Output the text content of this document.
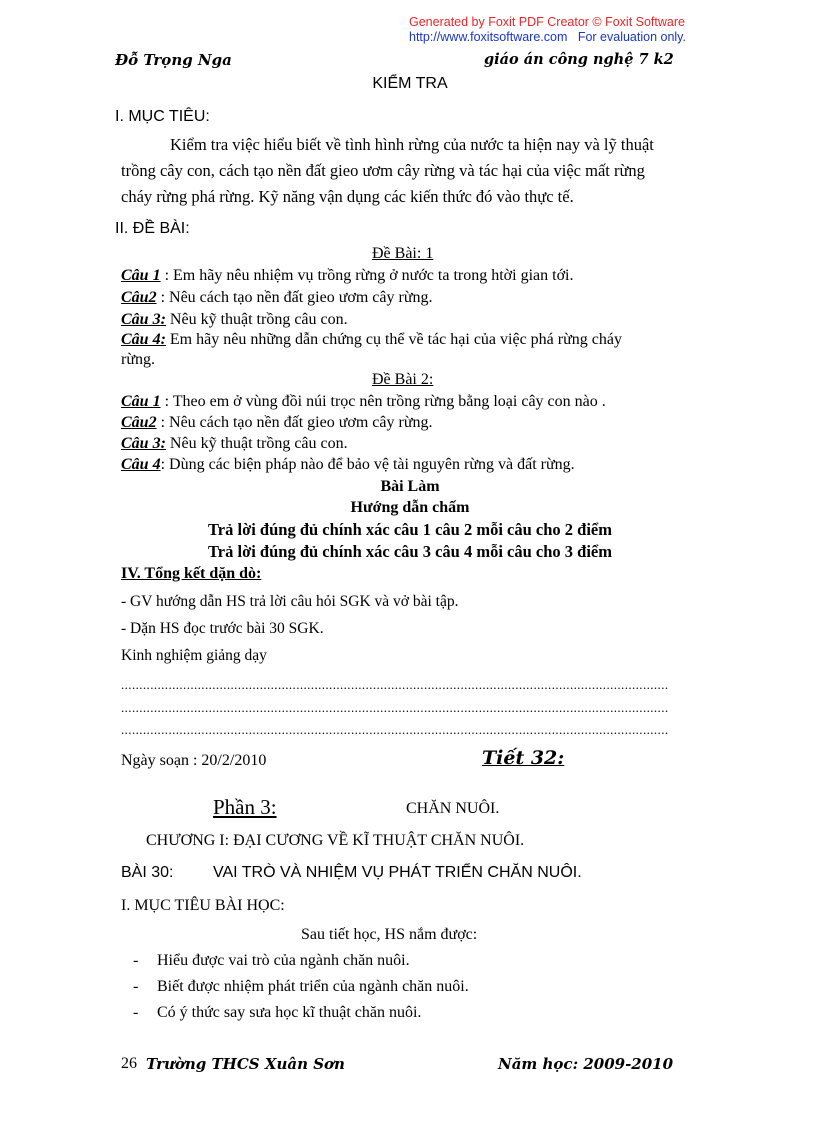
Generated by Foxit PDF Creator © Foxit Software
http://www.foxitsoftware.com For evaluation only.
Đỗ Trọng Nga	giáo án công nghệ 7 k2
KIỂM TRA
I. MỤC TIÊU:
Kiểm tra việc hiểu biết về tình hình rừng của nước ta hiện nay và lỹ thuật
trồng cây con, cách tạo nền đất gieo ươm cây rừng và tác hại của việc mất rừng
cháy rừng phá rừng. Kỹ năng vận dụng các kiến thức đó vào thực tế.
II. ĐỀ BÀI:
Đề Bài: 1
Câu 1 : Em hãy nêu nhiệm vụ trồng rừng ở nước ta trong htời gian tới.
Câu2 : Nêu cách tạo nền đất gieo ươm cây rừng.
Câu 3: Nêu kỹ thuật trồng câu con.
Câu 4: Em hãy nêu những dẫn chứng cụ thể về tác hại của việc phá rừng cháy
rừng.
Đề Bài 2:
Câu 1 : Theo em ở vùng đồi núi trọc nên trồng rừng bằng loại cây con nào .
Câu2 : Nêu cách tạo nền đất gieo ươm cây rừng.
Câu 3: Nêu kỹ thuật trồng câu con.
Câu 4: Dùng các biện pháp nào để bảo vệ tài nguyên rừng và đất rừng.
Bài Làm
Hướng dẫn chấm
Trả lời đúng đủ chính xác câu 1 câu 2 mỗi câu cho 2 điểm
Trả lời đúng đủ chính xác câu 3 câu 4 mỗi câu cho 3 điểm
IV. Tổng kết dặn dò:
- GV hướng dẫn HS trả lời câu hỏi SGK và vở bài tập.
- Dặn HS đọc trước bài 30 SGK.
Kinh nghiệm giảng dạy
......................................................................................................................................................
......................................................................................................................................................
......................................................................................................................................................
Ngày soạn : 20/2/2010	Tiết 32:
Phần 3:	CHĂN NUÔI.
CHƯƠNG I: ĐẠI CƯƠNG VỀ KĨ THUẬT CHĂN NUÔI.
BÀI 30: VAI TRÒ VÀ NHIỆM VỤ PHÁT TRIỂN CHĂN NUÔI.
I. MỤC TIÊU BÀI HỌC:
Sau tiết học, HS nắm được:
- Hiểu được vai trò của ngành chăn nuôi.
- Biết được nhiệm phát triển của ngành chăn nuôi.
- Có ý thức say sưa học kĩ thuật chăn nuôi.
26 Trường THCS Xuân Sơn	Năm học: 2009-2010
